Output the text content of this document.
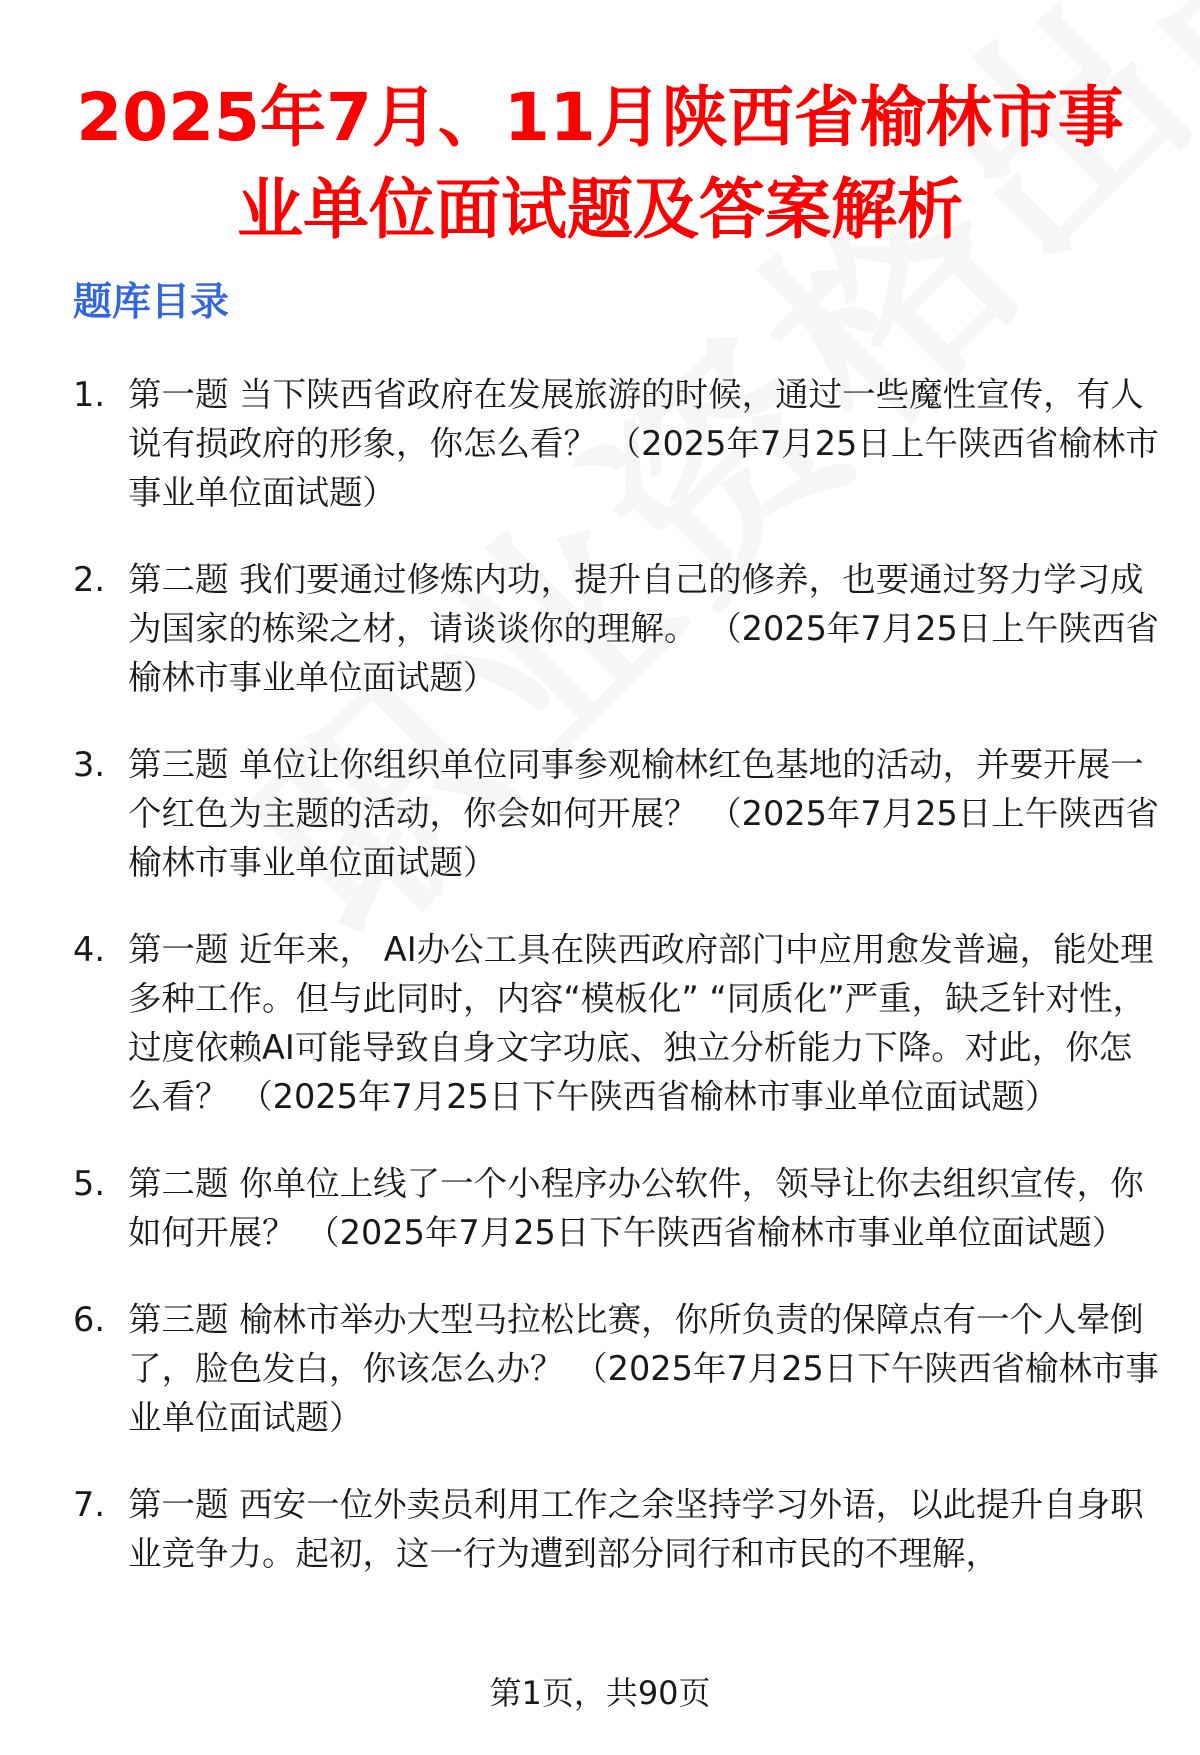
2025年7月、11月陕西省榆林市事业单位面试题及答案解析
题库目录
1. 第一题 当下陕西省政府在发展旅游的时候，通过一些魔性宣传，有人说有损政府的形象，你怎么看？ （2025年7月25日上午陕西省榆林市事业单位面试题）
2. 第二题 我们要通过修炼内功，提升自己的修养，也要通过努力学习成为国家的栋梁之材，请谈谈你的理解。 （2025年7月25日上午陕西省榆林市事业单位面试题）
3. 第三题 单位让你组织单位同事参观榆林红色基地的活动，并要开展一个红色为主题的活动，你会如何开展？ （2025年7月25日上午陕西省榆林市事业单位面试题）
4. 第一题 近年来， AI办公工具在陕西政府部门中应用愈发普遍，能处理多种工作。但与此同时，内容“模板化” “同质化”严重，缺乏针对性，过度依赖AI可能导致自身文字功底、独立分析能力下降。对此，你怎么看？ （2025年7月25日下午陕西省榆林市事业单位面试题）
5. 第二题 你单位上线了一个小程序办公软件，领导让你去组织宣传，你如何开展？ （2025年7月25日下午陕西省榆林市事业单位面试题）
6. 第三题 榆林市举办大型马拉松比赛，你所负责的保障点有一个人晕倒了，脸色发白，你该怎么办？ （2025年7月25日下午陕西省榆林市事业单位面试题）
7. 第一题 西安一位外卖员利用工作之余坚持学习外语，以此提升自身职业竞争力。起初，这一行为遭到部分同行和市民的不理解，
第1页，共90页
